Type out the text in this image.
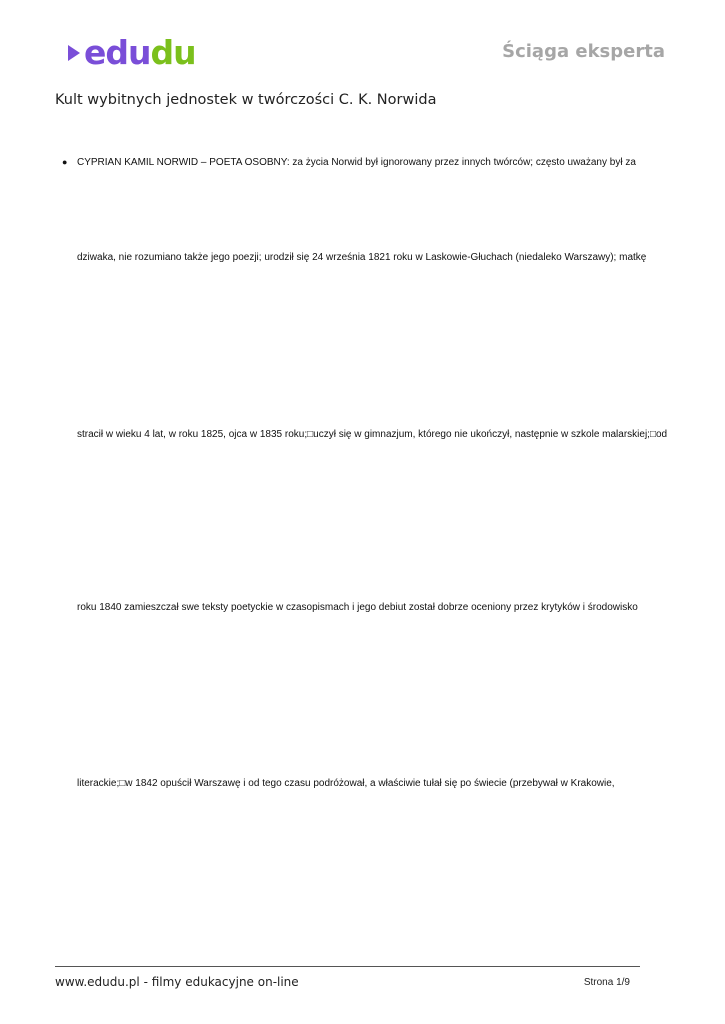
edudu	Ściąga eksperta
Kult wybitnych jednostek w twórczości C. K. Norwida
● CYPRIAN KAMIL NORWID – POETA OSOBNY: za życia Norwid był ignorowany przez innych twórców; często uważany był za
dziwaka, nie rozumiano także jego poezji; urodził się 24 września 1821 roku w Laskowie-Głuchach (niedaleko Warszawy); matkę
stracił w wieku 4 lat, w roku 1825, ojca w 1835 roku;□uczył się w gimnazjum, którego nie ukończył, następnie w szkole malarskiej;□od
roku 1840 zamieszczał swe teksty poetyckie w czasopismach i jego debiut został dobrze oceniony przez krytyków i środowisko
literackie;□w 1842 opuścił Warszawę i od tego czasu podróżował, a właściwie tułał się po świecie (przebywał w Krakowie,
www.edudu.pl - filmy edukacyjne on-line	Strona 1/9
